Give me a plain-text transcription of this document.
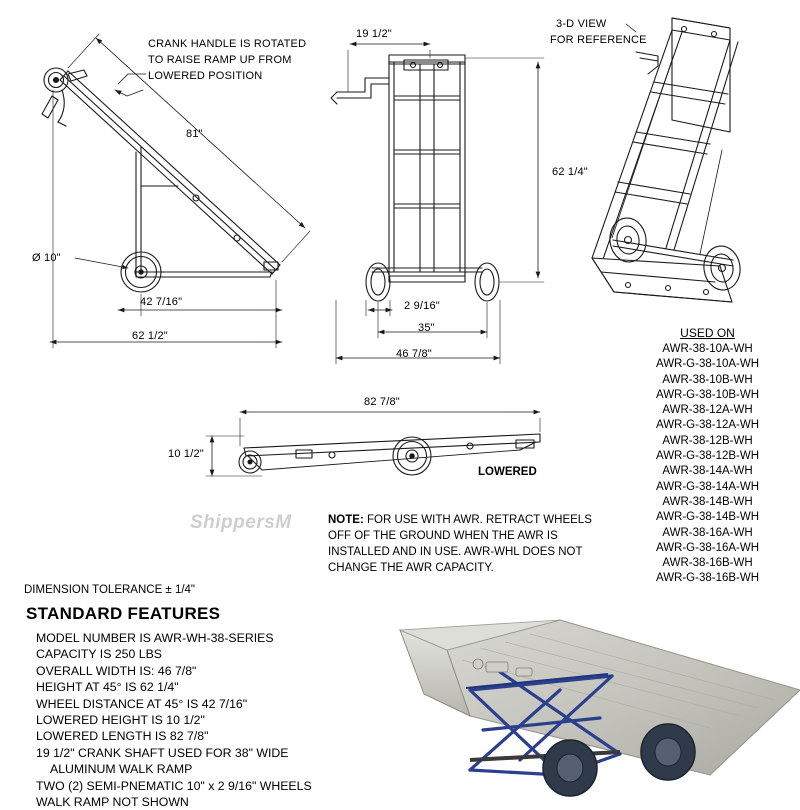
81"
Ø 10"
42 7/16"
62 1/2"
CRANK HANDLE IS ROTATED
TO RAISE RAMP UP FROM
LOWERED POSITION
19 1/2"
62 1/4"
2 9/16"
35"
46 7/8"
3-D VIEW
FOR REFERENCE
82 7/8"
10 1/2"
LOWERED
ShippersM
USED ON
AWR-38-10A-WH
AWR-G-38-10A-WH
AWR-38-10B-WH
AWR-G-38-10B-WH
AWR-38-12A-WH
AWR-G-38-12A-WH
AWR-38-12B-WH
AWR-G-38-12B-WH
AWR-38-14A-WH
AWR-G-38-14A-WH
AWR-38-14B-WH
AWR-G-38-14B-WH
AWR-38-16A-WH
AWR-G-38-16A-WH
AWR-38-16B-WH
AWR-G-38-16B-WH
NOTE: FOR USE WITH AWR. RETRACT WHEELS
OFF OF THE GROUND WHEN THE AWR IS
INSTALLED AND IN USE. AWR-WHL DOES NOT
CHANGE THE AWR CAPACITY.
DIMENSION TOLERANCE ± 1/4"
STANDARD FEATURES
MODEL NUMBER IS AWR-WH-38-SERIES
CAPACITY IS 250 LBS
OVERALL WIDTH IS: 46 7/8"
HEIGHT AT 45° IS 62 1/4"
WHEEL DISTANCE AT 45° IS 42 7/16"
LOWERED HEIGHT IS 10 1/2"
LOWERED LENGTH IS 82 7/8"
19 1/2" CRANK SHAFT USED FOR 38" WIDE
ALUMINUM WALK RAMP
TWO (2) SEMI-PNEMATIC 10" x 2 9/16" WHEELS
WALK RAMP NOT SHOWN
